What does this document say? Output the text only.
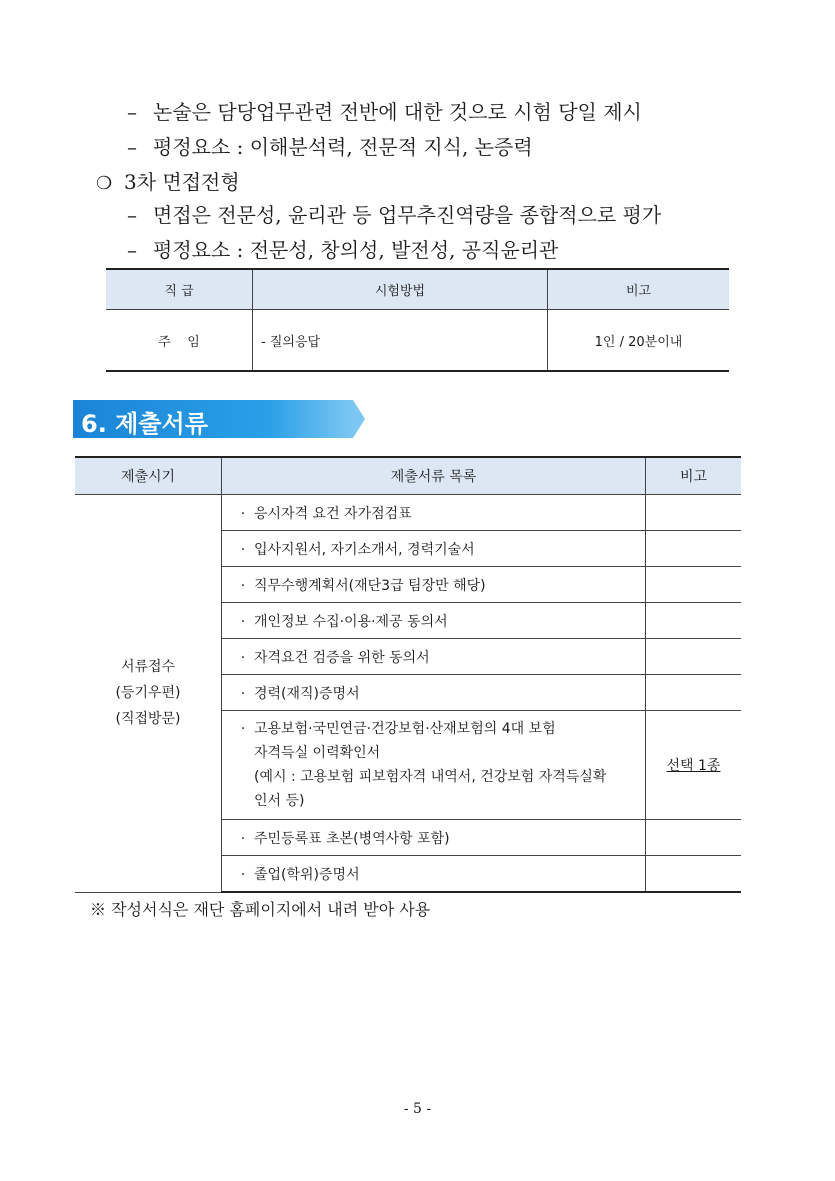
– 논술은 담당업무관련 전반에 대한 것으로 시험 당일 제시
– 평정요소 : 이해분석력, 전문적 지식, 논증력
❍ 3차 면접전형
– 면접은 전문성, 윤리관 등 업무추진역량을 종합적으로 평가
– 평정요소 : 전문성, 창의성, 발전성, 공직윤리관
직 급	시험방법	비고
주    임	- 질의응답	1인 / 20분이내
6. 제출서류
제출시기	제출서류 목록	비고

서류접수
(등기우편)
(직접방문)	· 응시자격 요건 자가점검표	
	· 입사지원서, 자기소개서, 경력기술서	
	· 직무수행계획서(재단3급 팀장만 해당)	
	· 개인정보 수집·이용·제공 동의서	
	· 자격요건 검증을 위한 동의서	
	· 경력(재직)증명서	

	· 고용보험·국민연금·건강보험·산재보험의 4대 보험
자격득실 이력확인서
(예시 : 고용보험 피보험자격 내역서, 건강보험 자격득실확
인서 등)	선택 1종
	· 주민등록표 초본(병역사항 포함)	
	· 졸업(학위)증명서	
※ 작성서식은 재단 홈페이지에서 내려 받아 사용
- 5 -
